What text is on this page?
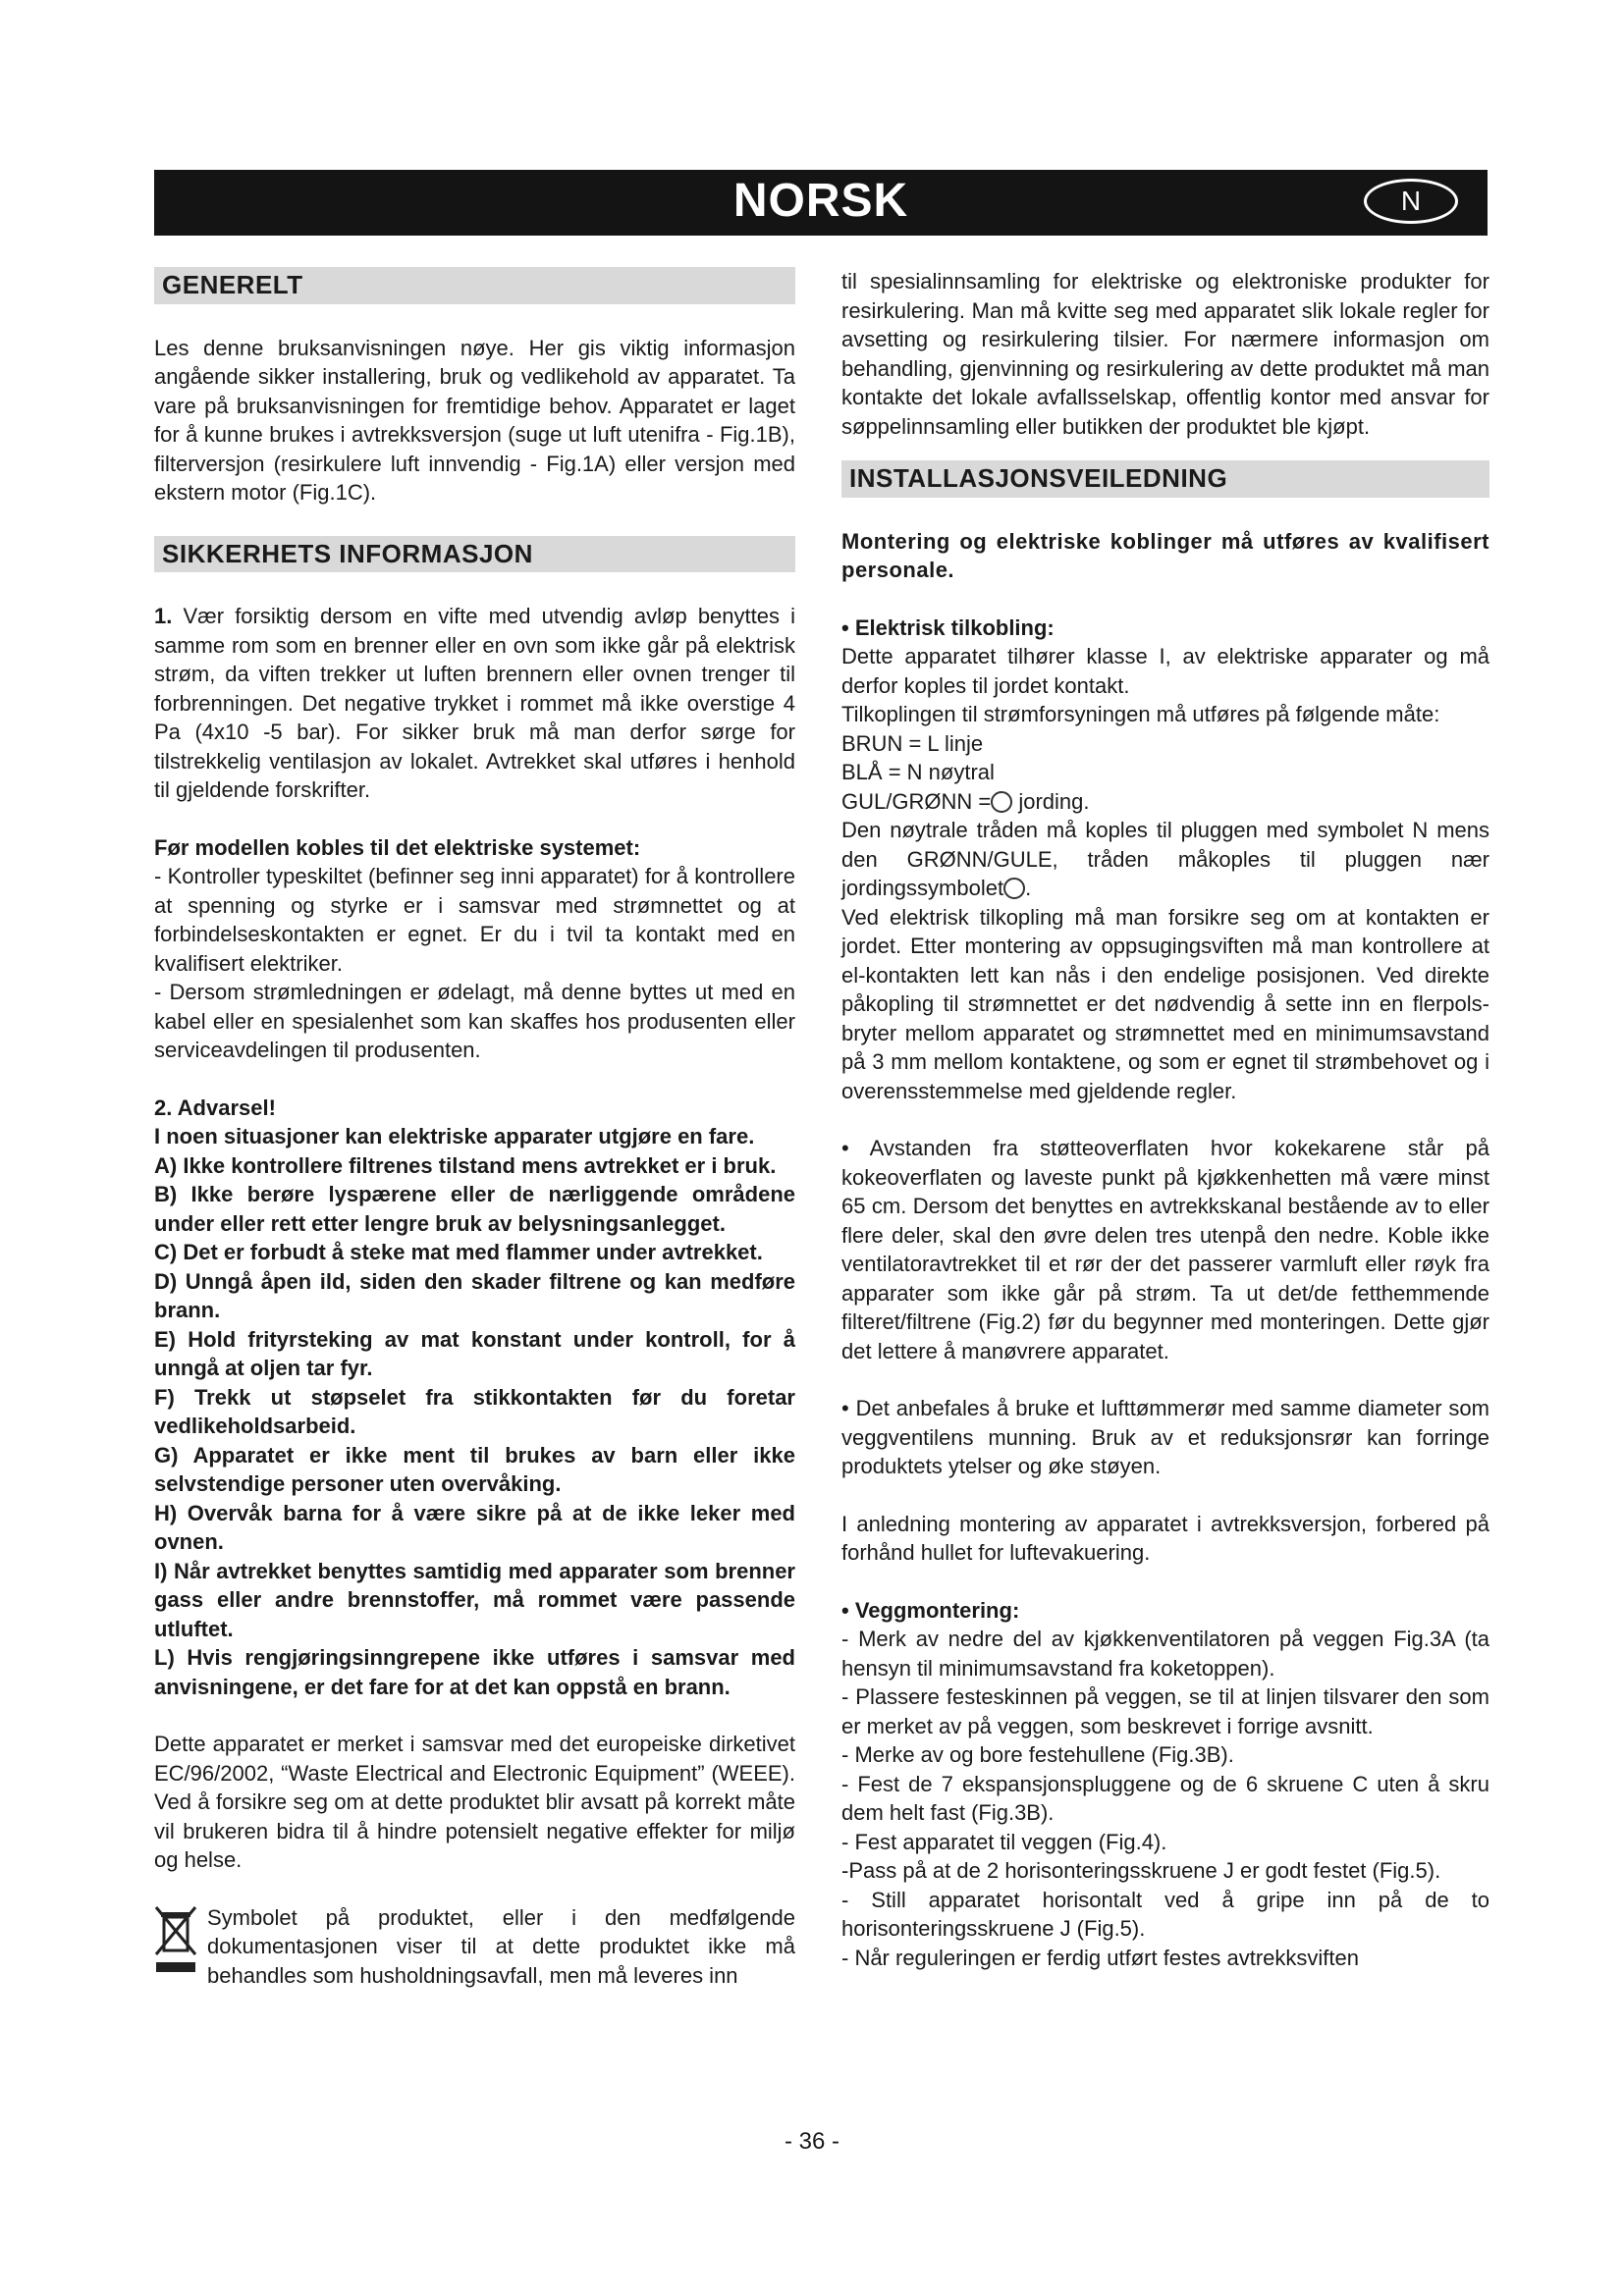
NORSK	N
GENERELT

Les denne bruksanvisningen nøye. Her gis viktig informasjon angående sikker installering, bruk og vedlikehold av apparatet. Ta vare på bruksanvisningen for fremtidige behov. Apparatet er laget for å kunne brukes i avtrekksversjon (suge ut luft utenifra - Fig.1B), filterversjon (resirkulere luft innvendig - Fig.1A) eller versjon med ekstern motor (Fig.1C).

SIKKERHETS INFORMASJON

1. Vær forsiktig dersom en vifte med utvendig avløp benyttes i samme rom som en brenner eller en ovn som ikke går på elektrisk strøm, da viften trekker ut luften brennern eller ovnen trenger til forbrenningen. Det negative trykket i rommet må ikke overstige 4 Pa (4x10 -5 bar). For sikker bruk må man derfor sørge for tilstrekkelig ventilasjon av lokalet. Avtrekket skal utføres i henhold til gjeldende forskrifter.

Før modellen kobles til det elektriske systemet:

- Kontroller typeskiltet (befinner seg inni apparatet) for å kontrollere at spenning og styrke er i samsvar med strømnettet og at forbindelseskontakten er egnet. Er du i tvil ta kontakt med en kvalifisert elektriker.

- Dersom strømledningen er ødelagt, må denne byttes ut med en kabel eller en spesialenhet som kan skaffes hos produsenten eller serviceavdelingen til produsenten.

2. Advarsel!

I noen situasjoner kan elektriske apparater utgjøre en fare.

A) Ikke kontrollere filtrenes tilstand mens avtrekket er i bruk.

B) Ikke berøre lyspærene eller de nærliggende områdene under eller rett etter lengre bruk av belysningsanlegget.

C) Det er forbudt å steke mat med flammer under avtrekket.

D) Unngå åpen ild, siden den skader filtrene og kan medføre brann.

E) Hold frityrsteking av mat konstant under kontroll, for å unngå at oljen tar fyr.

F) Trekk ut støpselet fra stikkontakten før du foretar vedlikeholdsarbeid.

G) Apparatet er ikke ment til brukes av barn eller ikke selvstendige personer uten overvåking.

H) Overvåk barna for å være sikre på at de ikke leker med ovnen.

I) Når avtrekket benyttes samtidig med apparater som brenner gass eller andre brennstoffer, må rommet være passende utluftet.

L) Hvis rengjøringsinngrepene ikke utføres i samsvar med anvisningene, er det fare for at det kan oppstå en brann.

Dette apparatet er merket i samsvar med det europeiske dirketivet EC/96/2002, “Waste Electrical and Electronic Equipment” (WEEE). Ved å forsikre seg om at dette produktet blir avsatt på korrekt måte vil brukeren bidra til å hindre potensielt negative effekter for miljø og helse.

Symbolet på produktet, eller i den medfølgende dokumentasjonen viser til at dette produktet ikke må behandles som husholdningsavfall, men må leveres inn

til spesialinnsamling for elektriske og elektroniske produkter for resirkulering. Man må kvitte seg med apparatet slik lokale regler for avsetting og resirkulering tilsier. For nærmere informasjon om behandling, gjenvinning og resirkulering av dette produktet må man kontakte det lokale avfallsselskap, offentlig kontor med ansvar for søppelinnsamling eller butikken der produktet ble kjøpt.

INSTALLASJONSVEILEDNING

Montering og elektriske koblinger må utføres av kvalifisert personale.

• Elektrisk tilkobling:

Dette apparatet tilhører klasse I, av elektriske apparater og må derfor koples til jordet kontakt.

Tilkoplingen til strømforsyningen må utføres på følgende måte:

BRUN = L linje

BLÅ = N nøytral

GUL/GRØNN = jording.

Den nøytrale tråden må koples til pluggen med symbolet N mens den GRØNN/GULE, tråden måkoples til pluggen nær jordingssymbolet .

Ved elektrisk tilkopling må man forsikre seg om at kontakten er jordet. Etter montering av oppsugingsviften må man kontrollere at el-kontakten lett kan nås i den endelige posisjonen. Ved direkte påkopling til strømnettet er det nødvendig å sette inn en flerpols-bryter mellom apparatet og strømnettet med en minimumsavstand på 3 mm mellom kontaktene, og som er egnet til strømbehovet og i overensstemmelse med gjeldende regler.

• Avstanden fra støtteoverflaten hvor kokekarene står på kokeoverflaten og laveste punkt på kjøkkenhetten må være minst 65 cm. Dersom det benyttes en avtrekkskanal bestående av to eller flere deler, skal den øvre delen tres utenpå den nedre. Koble ikke ventilatoravtrekket til et rør der det passerer varmluft eller røyk fra apparater som ikke går på strøm. Ta ut det/de fetthemmende filteret/filtrene (Fig.2) før du begynner med monteringen. Dette gjør det lettere å manøvrere apparatet.

• Det anbefales å bruke et lufttømmerør med samme diameter som veggventilens munning. Bruk av et reduksjonsrør kan forringe produktets ytelser og øke støyen.

I anledning montering av apparatet i avtrekksversjon, forbered på forhånd hullet for luftevakuering.

• Veggmontering:

- Merk av nedre del av kjøkkenventilatoren på veggen Fig.3A (ta hensyn til minimumsavstand fra koketoppen).

- Plassere festeskinnen på veggen, se til at linjen tilsvarer den som er merket av på veggen, som beskrevet i forrige avsnitt.

- Merke av og bore festehullene (Fig.3B).

- Fest de 7 ekspansjonspluggene og de 6 skruene C uten å skru dem helt fast (Fig.3B).

- Fest apparatet til veggen (Fig.4).

-Pass på at de 2 horisonteringsskruene J er godt festet (Fig.5).

- Still apparatet horisontalt ved å gripe inn på de to horisonteringsskruene J (Fig.5).

- Når reguleringen er ferdig utført festes avtrekksviften

- 36 -
